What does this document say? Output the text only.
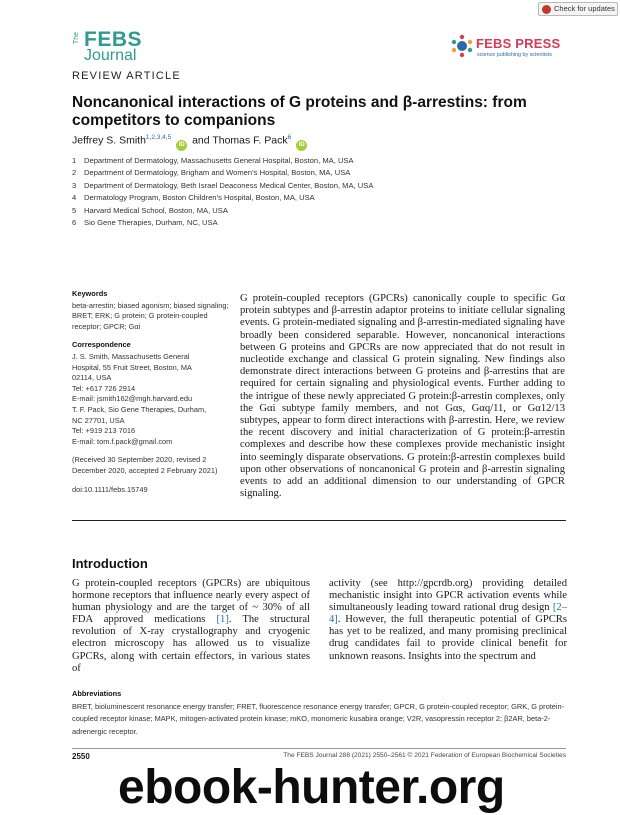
Check for updates
The FEBS
Journal
FEBS PRESS
science publishing by scientists
REVIEW ARTICLE
Noncanonical interactions of G proteins and β-arrestins: from competitors to companions
Jeffrey S. Smith$^{1,2,3,4,5}$ iD and Thomas F. Pack$^6$ iD
1 Department of Dermatology, Massachusetts General Hospital, Boston, MA, USA
2 Department of Dermatology, Brigham and Women’s Hospital, Boston, MA, USA
3 Department of Dermatology, Beth Israel Deaconess Medical Center, Boston, MA, USA
4 Dermatology Program, Boston Children’s Hospital, Boston, MA, USA
5 Harvard Medical School, Boston, MA, USA
6 Sio Gene Therapies, Durham, NC, USA
Keywords
beta-arrestin; biased agonism; biased signaling; BRET; ERK; G protein; G protein-coupled receptor; GPCR; Gαi
Correspondence
J. S. Smith, Massachusetts General
Hospital, 55 Fruit Street, Boston, MA
02114, USA
Tel: +617 726 2914
E-mail: jsmith162@mgh.harvard.edu
T. F. Pack, Sio Gene Therapies, Durham,
NC 27701, USA
Tel: +919 213 7016
E-mail: tom.f.pack@gmail.com
(Received 30 September 2020, revised 2 December 2020, accepted 2 February 2021)
doi:10.1111/febs.15749
G protein-coupled receptors (GPCRs) canonically couple to specific Gα protein subtypes and β-arrestin adaptor proteins to initiate cellular signaling events. G protein-mediated signaling and β-arrestin-mediated signaling have broadly been considered separable. However, noncanonical interactions between G proteins and GPCRs are now appreciated that do not result in nucleotide exchange and classical G protein signaling. New findings also demonstrate direct interactions between G proteins and β-arrestins that are required for certain signaling and physiological events. Further adding to the intrigue of these newly appreciated G protein:β-arrestin complexes, only the Gαi subtype family members, and not Gαs, Gαq/11, or Gα12/13 subtypes, appear to form direct interactions with β-arrestin. Here, we review the recent discovery and initial characterization of G protein:β-arrestin complexes and describe how these complexes provide mechanistic insight into seemingly disparate observations. G protein:β-arrestin complexes build upon other observations of noncanonical G protein and β-arrestin signaling events to add an additional dimension to our understanding of GPCR signaling.
Introduction
G protein-coupled receptors (GPCRs) are ubiquitous hormone receptors that influence nearly every aspect of human physiology and are the target of ~ 30% of all FDA approved medications [1]. The structural revolution of X-ray crystallography and cryogenic electron microscopy has allowed us to visualize GPCRs, along with certain effectors, in various states of
activity (see http://gpcrdb.org) providing detailed mechanistic insight into GPCR activation events while simultaneously leading toward rational drug design [2–4]. However, the full therapeutic potential of GPCRs has yet to be realized, and many promising preclinical drug candidates fail to provide clinical benefit for unknown reasons. Insights into the spectrum and
Abbreviations
BRET, bioluminescent resonance energy transfer; FRET, fluorescence resonance energy transfer; GPCR, G protein-coupled receptor; GRK, G protein-coupled receptor kinase; MAPK, mitogen-activated protein kinase; mKO, monomeric kusabira orange; V2R, vasopressin receptor 2; β2AR, beta-2-adrenergic receptor.
2550	The FEBS Journal 288 (2021) 2550–2561 © 2021 Federation of European Biochemical Societies
ebook-hunter.org
